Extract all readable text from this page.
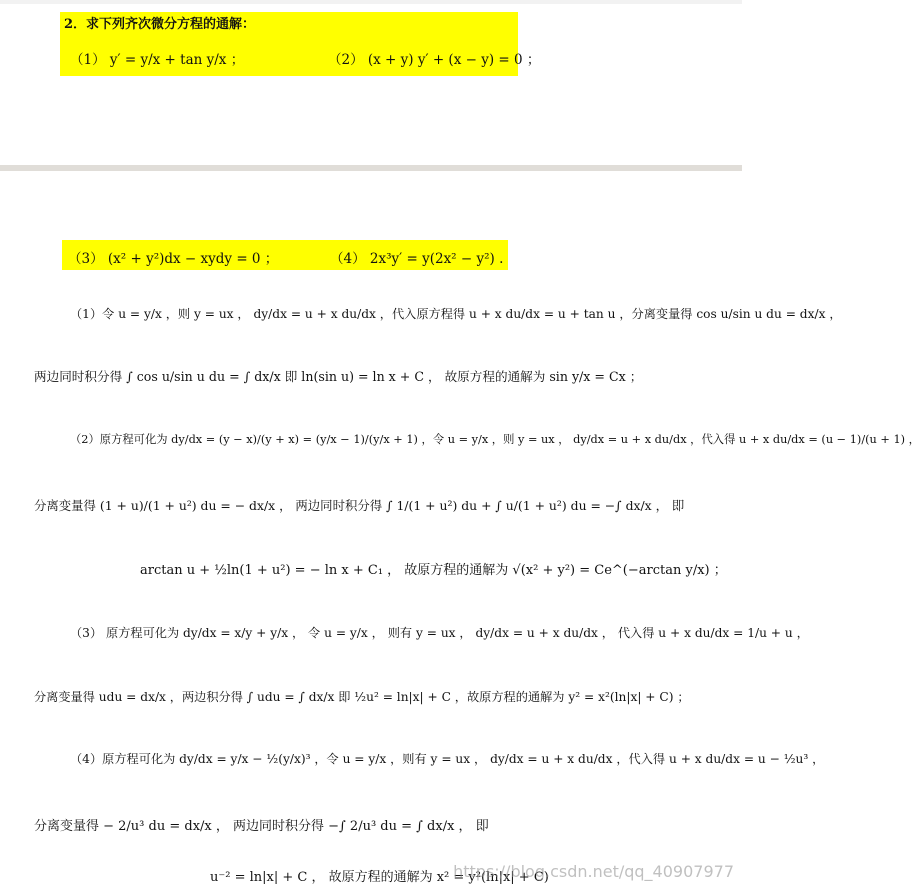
2．求下列齐次微分方程的通解：
（1） y′ = y/x + tan y/x ；	（2） (x + y) y′ + (x − y) = 0 ；
（3） (x² + y²)dx − xydy = 0 ；	（4） 2x³y′ = y(2x² − y²) .
（1）令 u = y/x ，则 y = ux ， dy/dx = u + x du/dx ，代入原方程得 u + x du/dx = u + tan u ，分离变量得 cos u/sin u du = dx/x ，
两边同时积分得 ∫ cos u/sin u du = ∫ dx/x 即 ln(sin u) = ln x + C ， 故原方程的通解为 sin y/x = Cx ；
（2）原方程可化为 dy/dx = (y − x)/(y + x) = (y/x − 1)/(y/x + 1) ，令 u = y/x ，则 y = ux ， dy/dx = u + x du/dx ，代入得 u + x du/dx = (u − 1)/(u + 1) ，
分离变量得 (1 + u)/(1 + u²) du = − dx/x ， 两边同时积分得 ∫ 1/(1 + u²) du + ∫ u/(1 + u²) du = −∫ dx/x ， 即
arctan u + ½ln(1 + u²) = − ln x + C₁ ， 故原方程的通解为 √(x² + y²) = Ce^(−arctan y/x) ；
（3） 原方程可化为 dy/dx = x/y + y/x ， 令 u = y/x ， 则有 y = ux ， dy/dx = u + x du/dx ， 代入得 u + x du/dx = 1/u + u ，
分离变量得 udu = dx/x ，两边积分得 ∫ udu = ∫ dx/x 即 ½u² = ln|x| + C ，故原方程的通解为 y² = x²(ln|x| + C) ；
（4）原方程可化为 dy/dx = y/x − ½(y/x)³ ，令 u = y/x ，则有 y = ux ， dy/dx = u + x du/dx ，代入得 u + x du/dx = u − ½u³ ，
分离变量得 − 2/u³ du = dx/x ， 两边同时积分得 −∫ 2/u³ du = ∫ dx/x ， 即
u⁻² = ln|x| + C ， 故原方程的通解为 x² = y²(ln|x| + C)
https://blog.csdn.net/qq_40907977
